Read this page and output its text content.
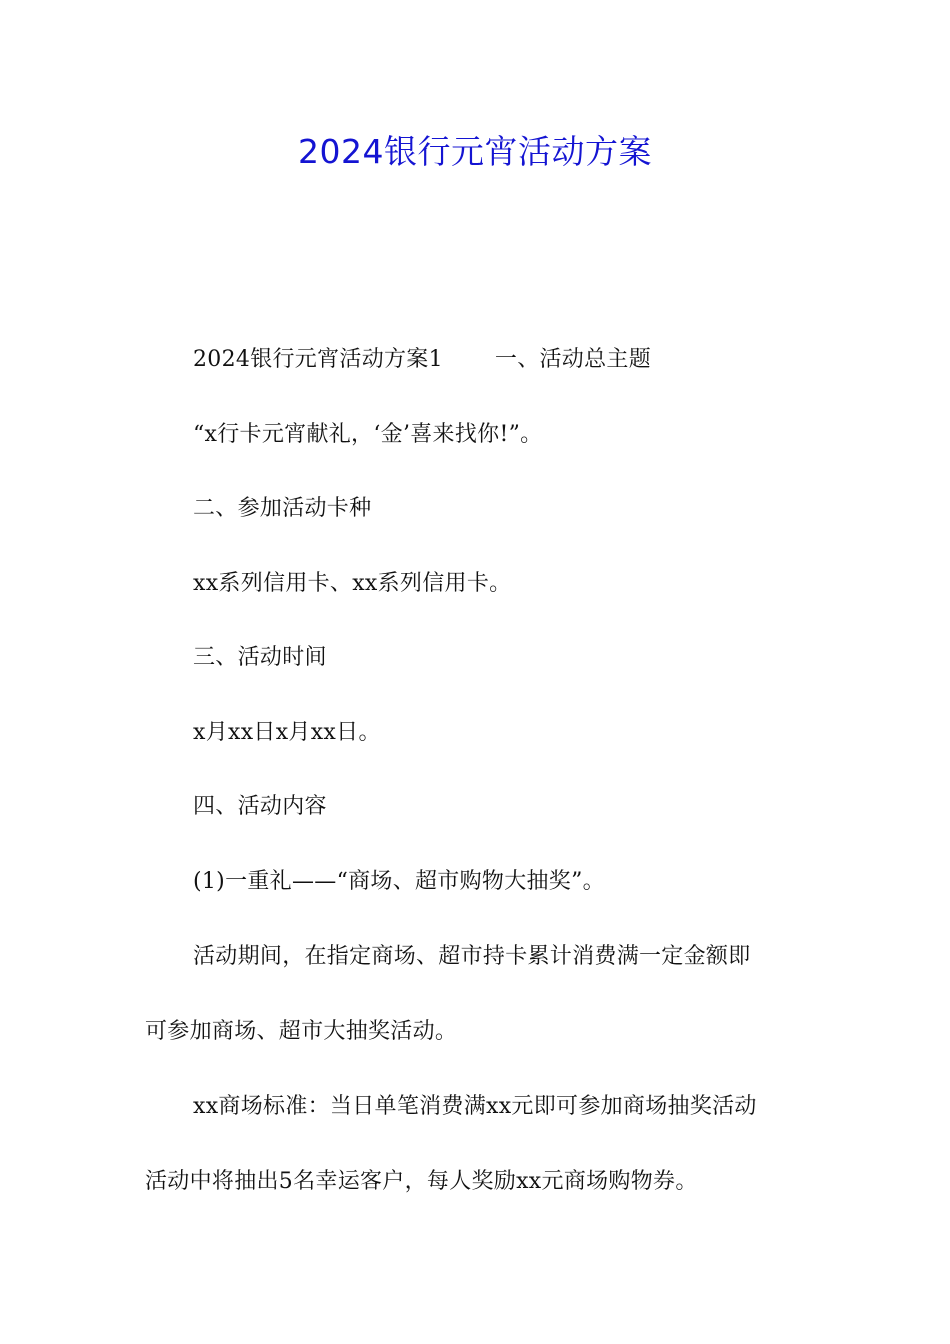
2024银行元宵活动方案
2024银行元宵活动方案1 一、活动总主题
“x行卡元宵献礼，‘金’喜来找你!”。
二、参加活动卡种
xx系列信用卡、xx系列信用卡。
三、活动时间
x月xx日x月xx日。
四、活动内容
(1)一重礼——“商场、超市购物大抽奖”。
活动期间，在指定商场、超市持卡累计消费满一定金额即
可参加商场、超市大抽奖活动。
xx商场标准：当日单笔消费满xx元即可参加商场抽奖活动
活动中将抽出5名幸运客户，每人奖励xx元商场购物券。
